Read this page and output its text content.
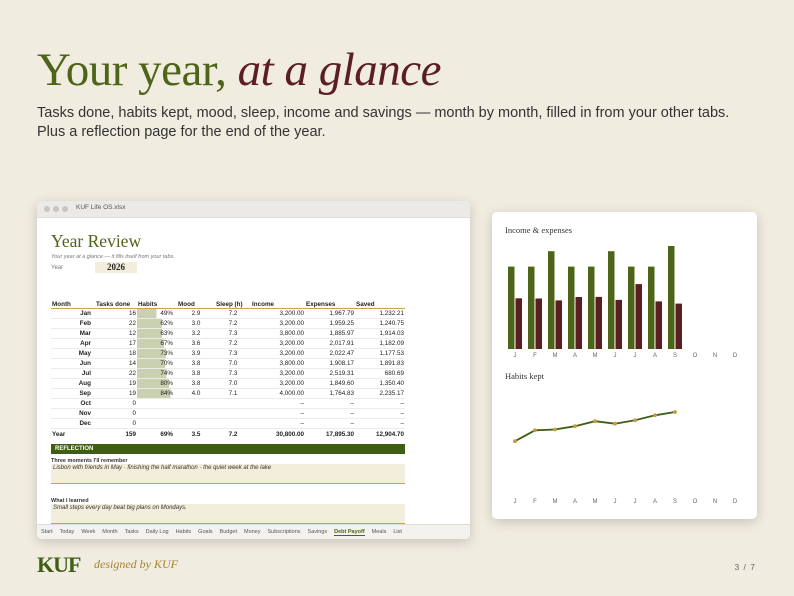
Your year, at a glance

Tasks done, habits kept, mood, sleep, income and savings — month by month, filled in from your other tabs. Plus a reflection page for the end of the year.

KUF Life OS.xlsx
Year Review
Your year at a glance — it fills itself from your tabs.
Year	2026
Month	Tasks done	Habits	Mood	Sleep (h)	Income	Expenses	Saved
Jan	16	49%	2.9	7.2	3,200.00	1,967.79	1,232.21
Feb	22	62%	3.0	7.2	3,200.00	1,959.25	1,240.75
Mar	12	63%	3.2	7.3	3,800.00	1,885.97	1,914.03
Apr	17	67%	3.6	7.2	3,200.00	2,017.91	1,182.09
May	18	73%	3.9	7.3	3,200.00	2,022.47	1,177.53
Jun	14	70%	3.8	7.0	3,800.00	1,908.17	1,891.83
Jul	22	74%	3.8	7.3	3,200.00	2,519.31	680.69
Aug	19	80%	3.8	7.0	3,200.00	1,849.60	1,350.40
Sep	19	84%	4.0	7.1	4,000.00	1,764.83	2,235.17
Oct	0				–	–	–
Nov	0				–	–	–
Dec	0				–	–	–
Year	159	69%	3.5	7.2	30,800.00	17,895.30	12,904.70
REFLECTION
Three moments I'll remember
Lisbon with friends in May · finishing the half marathon · the quiet week at the lake
What I learned
Small steps every day beat big plans on Mondays.
Start Today Week Month Tasks Daily Log Habits Goals Budget Money Subscriptions Savings Debt Payoff Meals List
Income & expenses
Habits kept
J	F	M	A	M	J	J	A	S	O	N	D
J	F	M	A	M	J	J	A	S	O	N	D
KUF designed by KUF	3 / 7
